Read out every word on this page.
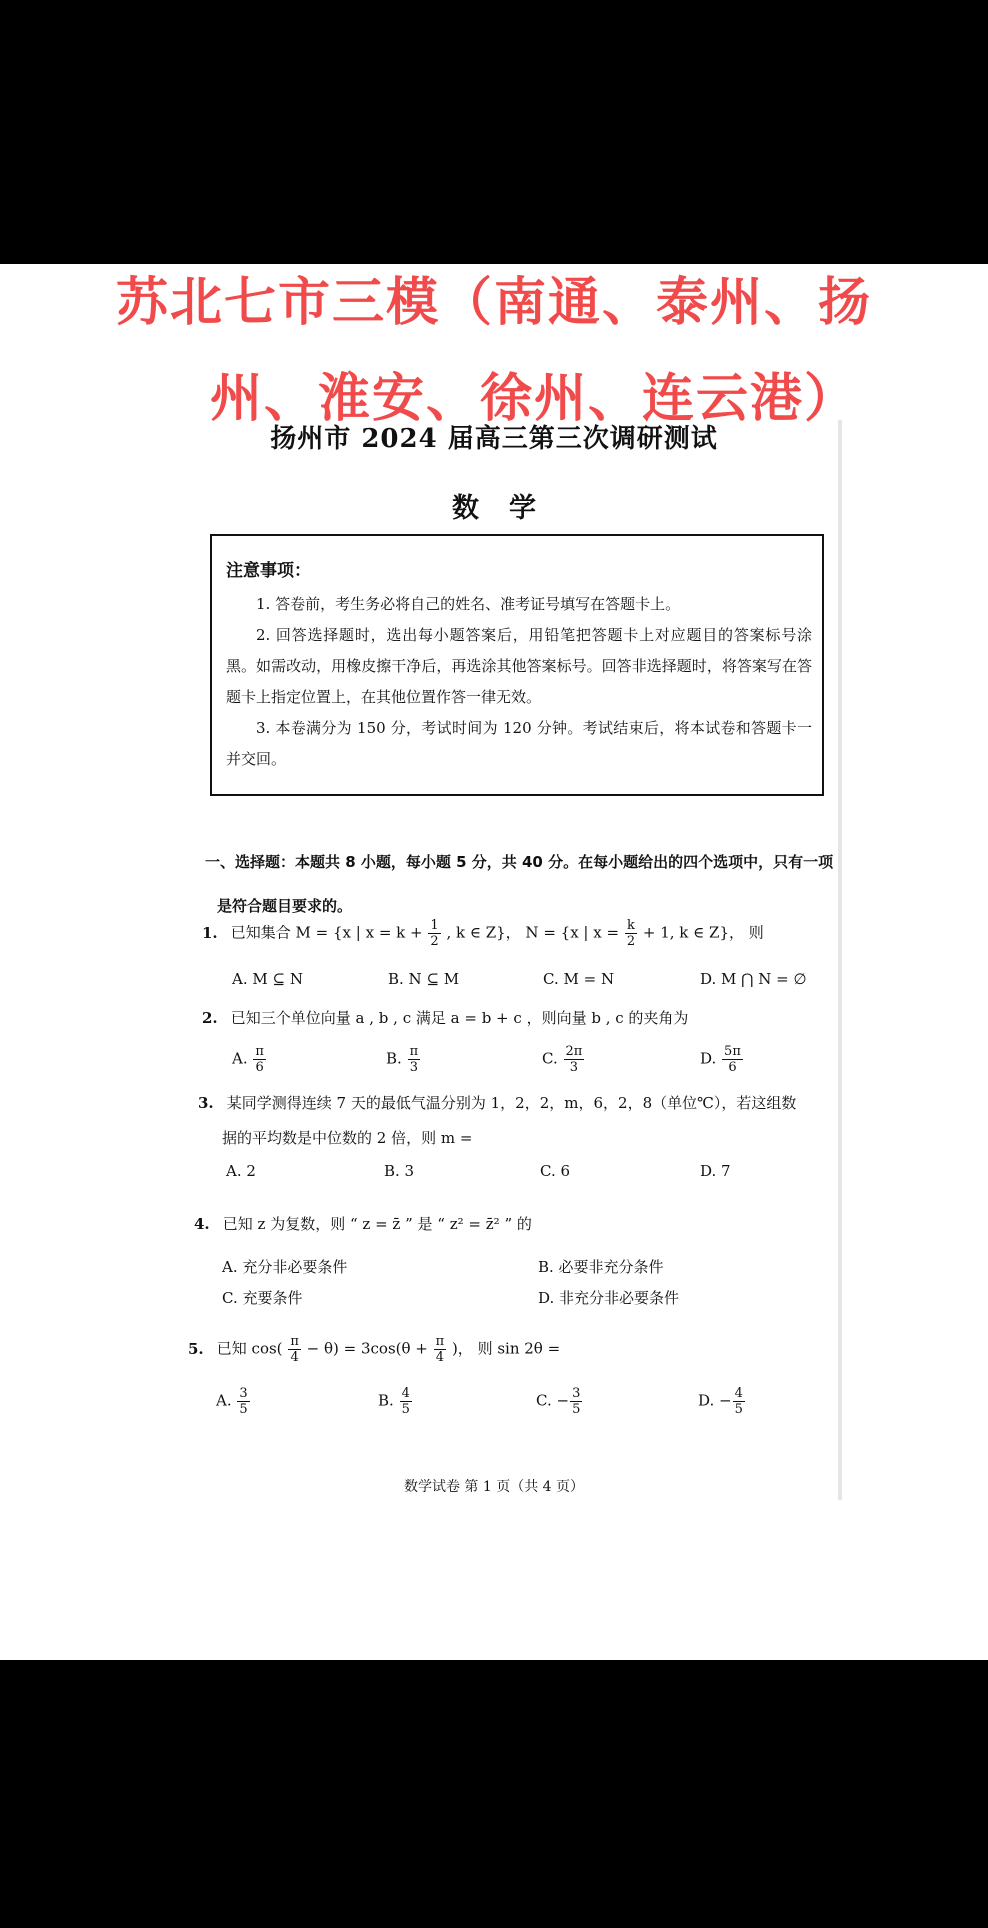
苏北七市三模（南通、泰州、扬
州、淮安、徐州、连云港）
扬州市 2024 届高三第三次调研测试
数学
注意事项：

1. 答卷前，考生务必将自己的姓名、准考证号填写在答题卡上。

2. 回答选择题时，选出每小题答案后，用铅笔把答题卡上对应题目的答案标号涂黑。如需改动，用橡皮擦干净后，再选涂其他答案标号。回答非选择题时，将答案写在答题卡上指定位置上，在其他位置作答一律无效。

3. 本卷满分为 150 分，考试时间为 120 分钟。考试结束后，将本试卷和答题卡一并交回。

一、选择题：本题共 8 小题，每小题 5 分，共 40 分。在每小题给出的四个选项中，只有一项
是符合题目要求的。
1. 已知集合 M = {x | $x = k + \frac{1}{2}$ , k ∈ Z}， N = {x | $x = \frac{k}{2} + 1$, k ∈ Z}， 则
A. M ⊆ N	B. N ⊆ M	C. M = N	D. M ⋂ N = ∅
2. 已知三个单位向量 a , b , c 满足 a = b + c ，则向量 b , c 的夹角为
A. $\frac{\pi}{6}$	B. $\frac{\pi}{3}$	C. $\frac{2\pi}{3}$	D. $\frac{5\pi}{6}$
3. 某同学测得连续 7 天的最低气温分别为 1，2，2，m，6，2，8（单位℃），若这组数
据的平均数是中位数的 2 倍，则 m =
A. 2	B. 3	C. 6	D. 7
4. 已知 z 为复数，则 “ z = z̄ ” 是 “ z² = z̄² ” 的
A. 充分非必要条件	B. 必要非充分条件
C. 充要条件	D. 非充分非必要条件
5. 已知 $\cos( \frac{\pi}{4} - \theta) = 3\cos(\theta + \frac{\pi}{4}$ )， 则 sin 2θ =
A. $\frac{3}{5}$	B. $\frac{4}{5}$	C. − $\frac{3}{5}$	D. − $\frac{4}{5}$
数学试卷 第 1 页（共 4 页）
